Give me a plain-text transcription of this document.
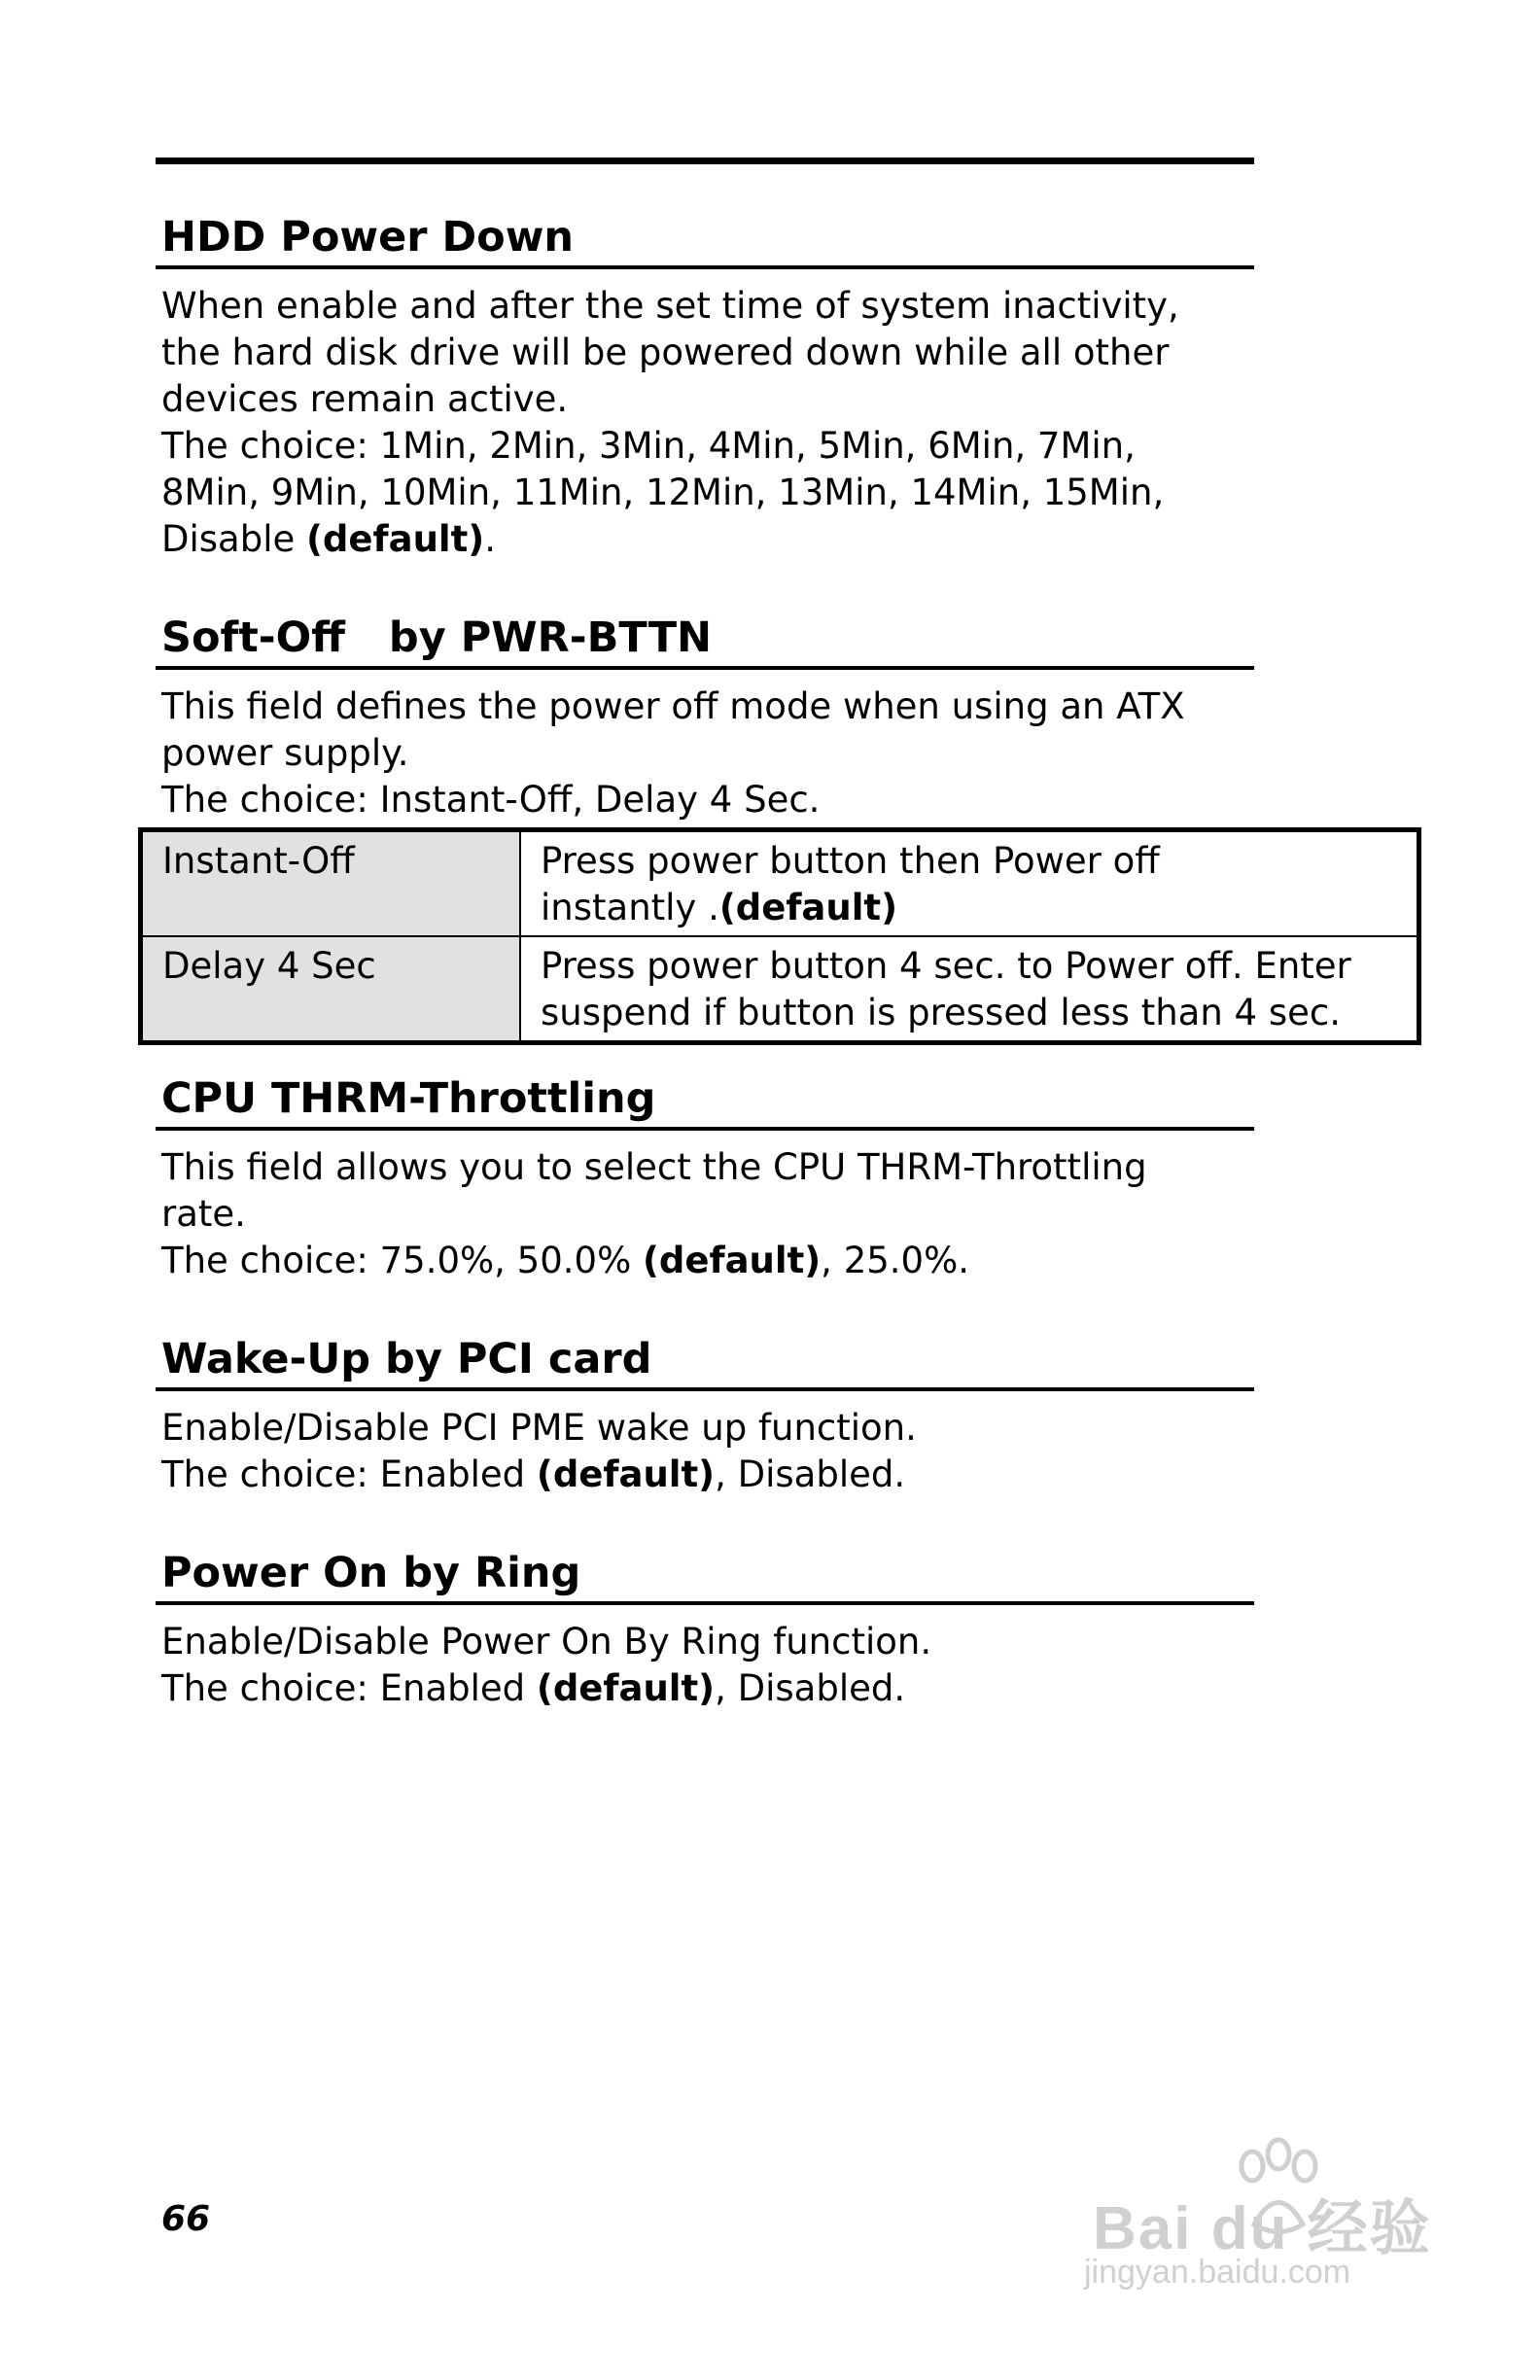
HDD Power Down

When enable and after the set time of system inactivity,

the hard disk drive will be powered down while all other

devices remain active.

The choice: 1Min, 2Min, 3Min, 4Min, 5Min, 6Min, 7Min,

8Min, 9Min, 10Min, 11Min, 12Min, 13Min, 14Min, 15Min,

Disable (default).

Soft-Off   by PWR-BTTN

This field defines the power off mode when using an ATX

power supply.

The choice: Instant-Off, Delay 4 Sec.

Instant-Off	Press power button then Power off
instantly .(default)

Delay 4 Sec	Press power button 4 sec. to Power off. Enter
suspend if button is pressed less than 4 sec.
CPU THRM-Throttling

This field allows you to select the CPU THRM-Throttling

rate.

The choice: 75.0%, 50.0% (default), 25.0%.

Wake-Up by PCI card

Enable/Disable PCI PME wake up function.

The choice: Enabled (default), Disabled.

Power On by Ring

Enable/Disable Power On By Ring function.

The choice: Enabled (default), Disabled.

66	Bai du 经验
jingyan.baidu.com
